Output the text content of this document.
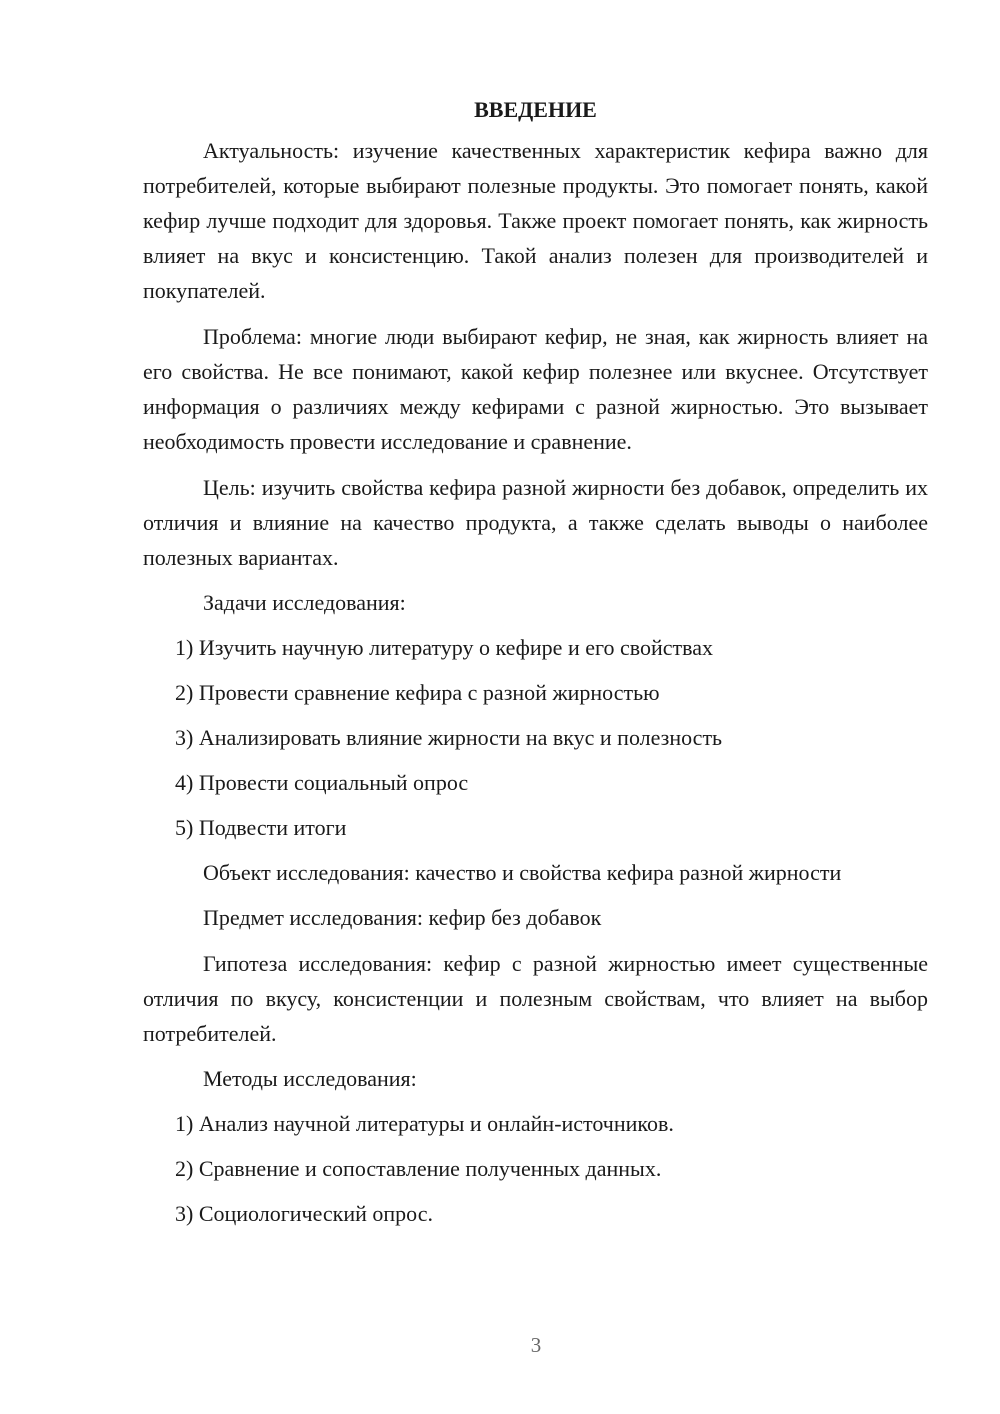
ВВЕДЕНИЕ

Актуальность: изучение качественных характеристик кефира важно для потребителей, которые выбирают полезные продукты. Это помогает понять, какой кефир лучше подходит для здоровья. Также проект помогает понять, как жирность влияет на вкус и консистенцию. Такой анализ полезен для производителей и покупателей.

Проблема: многие люди выбирают кефир, не зная, как жирность влияет на его свойства. Не все понимают, какой кефир полезнее или вкуснее. Отсутствует информация о различиях между кефирами с разной жирностью. Это вызывает необходимость провести исследование и сравнение.

Цель: изучить свойства кефира разной жирности без добавок, определить их отличия и влияние на качество продукта, а также сделать выводы о наиболее полезных вариантах.

Задачи исследования:

1) Изучить научную литературу о кефире и его свойствах

2) Провести сравнение кефира с разной жирностью

3) Анализировать влияние жирности на вкус и полезность

4) Провести социальный опрос

5) Подвести итоги

Объект исследования: качество и свойства кефира разной жирности

Предмет исследования: кефир без добавок

Гипотеза исследования: кефир с разной жирностью имеет существенные отличия по вкусу, консистенции и полезным свойствам, что влияет на выбор потребителей.

Методы исследования:

1) Анализ научной литературы и онлайн-источников.

2) Сравнение и сопоставление полученных данных.

3) Социологический опрос.

3
